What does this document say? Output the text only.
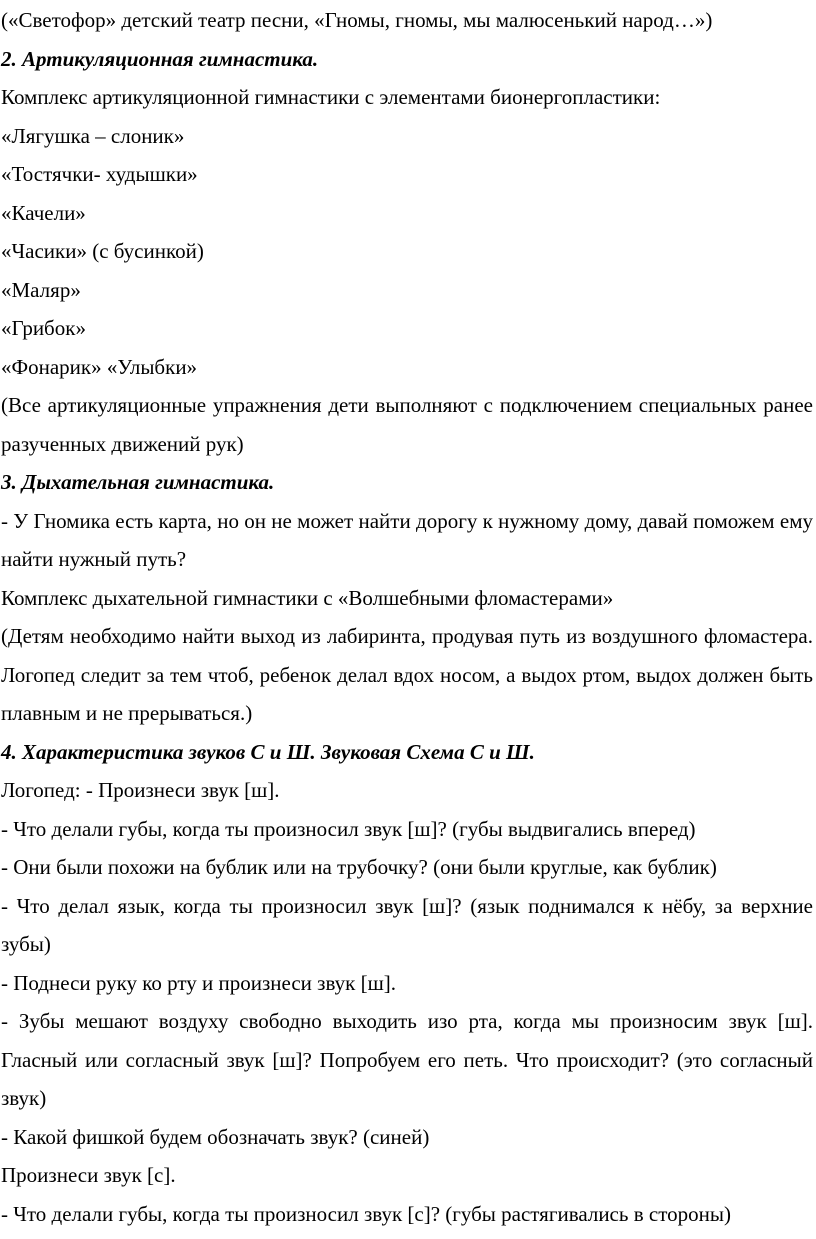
(«Светофор» детский театр песни, «Гномы, гномы, мы малюсенький народ…»)

2. Артикуляционная гимнастика.

Комплекс артикуляционной гимнастики с элементами бионергопластики:

«Лягушка – слоник»

«Тостячки- худышки»

«Качели»

«Часики» (с бусинкой)

«Маляр»

«Грибок»

«Фонарик» «Улыбки»

(Все артикуляционные упражнения дети выполняют с подключением специальных ранее разученных движений рук)

3. Дыхательная гимнастика.

- У Гномика есть карта, но он не может найти дорогу к нужному дому, давай поможем ему найти нужный путь?

Комплекс дыхательной гимнастики с «Волшебными фломастерами»

(Детям необходимо найти выход из лабиринта, продувая путь из воздушного фломастера. Логопед следит за тем чтоб, ребенок делал вдох носом, а выдох ртом, выдох должен быть плавным и не прерываться.)

4. Характеристика звуков С и Ш. Звуковая Схема С и Ш.

Логопед: - Произнеси звук [ш].

- Что делали губы, когда ты произносил звук [ш]? (губы выдвигались вперед)

- Они были похожи на бублик или на трубочку? (они были круглые, как бублик)

- Что делал язык, когда ты произносил звук [ш]? (язык поднимался к нёбу, за верхние зубы)

- Поднеси руку ко рту и произнеси звук [ш].

- Зубы мешают воздуху свободно выходить изо рта, когда мы произносим звук [ш]. Гласный или согласный звук [ш]? Попробуем его петь. Что происходит? (это согласный звук)

- Какой фишкой будем обозначать звук? (синей)

Произнеси звук [с].

- Что делали губы, когда ты произносил звук [с]? (губы растягивались в стороны)
